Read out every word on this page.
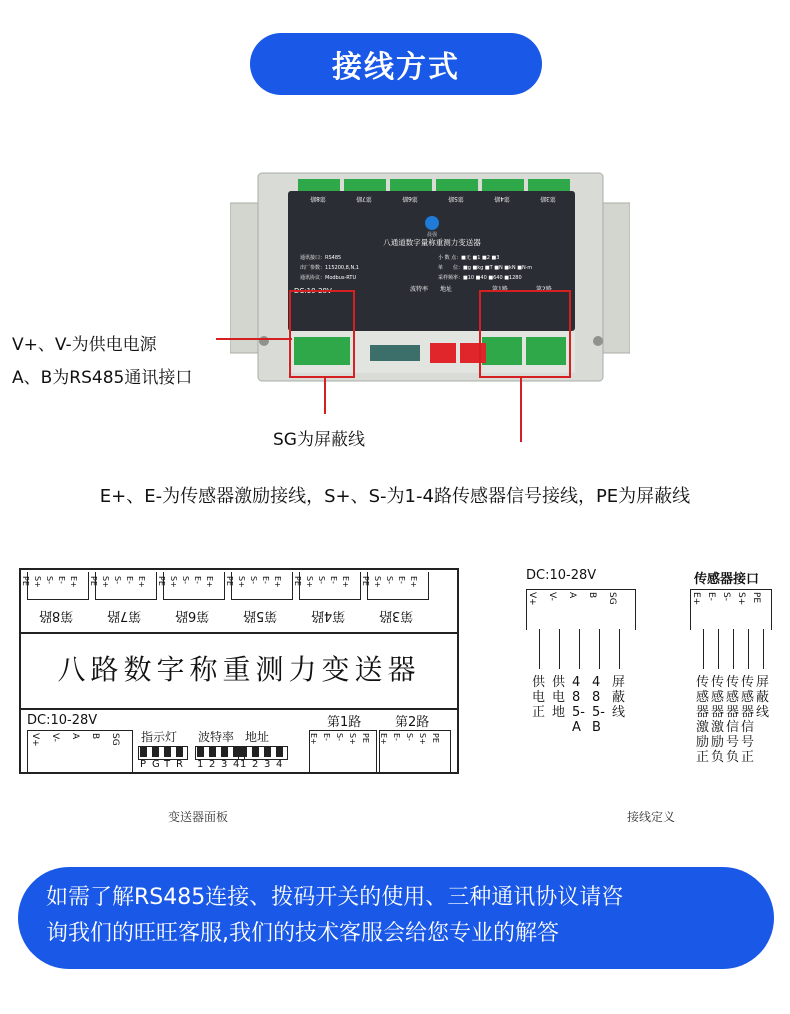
接线方式
八通道数字量称重测力变送器
晨强
第8路	第7路	第6路	第5路	第4路	第3路
通讯接口：RS485
出厂参数：115200,8,N,1
通讯协议：Modbus-RTU
小 数 点：■无 ■1 ■2 ■3
单　　位：■g ■kg ■T ■N ■kN ■N·m
采样频率：■10 ■40 ■640 ■1280
DC:10-28V	波特率 地址	第1路	第2路
V+、V-为供电电源
A、B为RS485通讯接口
SG为屏蔽线
E+、E-为传感器激励接线，S+、S-为1-4路传感器信号接线，PE为屏蔽线
PE S+ S- E- E+
第8路
PE S+ S- E- E+
第7路
PE S+ S- E- E+
第6路
PE S+ S- E- E+
第5路
PE S+ S- E- E+
第4路
PE S+ S- E- E+
第3路
八路数字称重测力变送器
DC:10-28V
V+ V- A B SG 指示灯
P G T R
波特率
1 2 3 4
地址
1 2 3 4
第1路	第2路
E+ E- S- S+ PE E+ E- S- S+ PE
变送器面板
DC:10-28V	传感器接口
V+ V- A B SG	E+ E- S- S+ PE
供电正
供电地
485-A
485-B
屏蔽线
传感器激励正
传感器激励负
传感器信号负
传感器信号正
屏蔽线
接线定义
如需了解RS485连接、拨码开关的使用、三种通讯协议请咨
询我们的旺旺客服,我们的技术客服会给您专业的解答
